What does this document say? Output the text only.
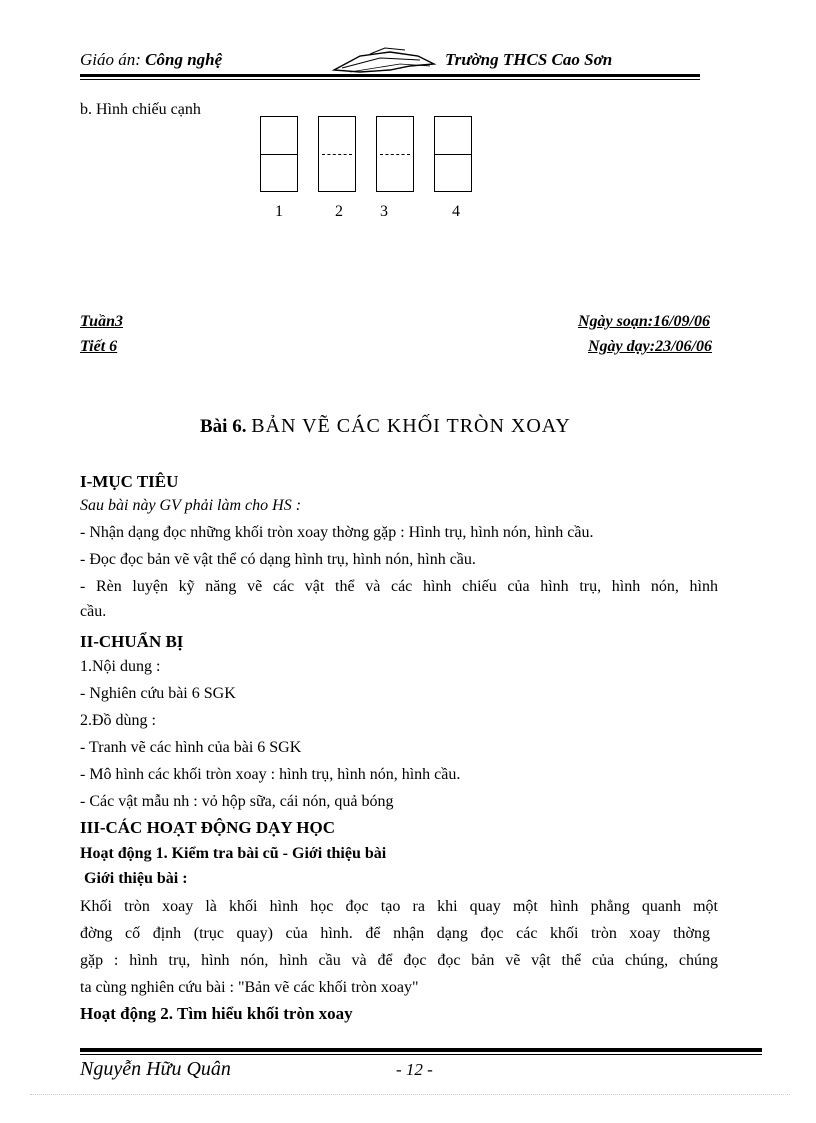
Giáo án: Công nghệ	Trường THCS Cao Sơn
b. Hình chiếu cạnh
1	2 3	4
Tuần3
Tiết 6
Ngày soạn:16/09/06
Ngày dạy:23/06/06
Bài 6. BẢN VẼ CÁC KHỐI TRÒN XOAY
I-MỤC TIÊU
Sau bài này GV phải làm cho HS :
- Nhận dạng đọc những khối tròn xoay thờng gặp : Hình trụ, hình nón, hình cầu.
- Đọc đọc bản vẽ vật thể có dạng hình trụ, hình nón, hình cầu.
- Rèn luyện kỹ năng vẽ các vật thể và các hình chiếu của hình trụ, hình nón, hình
cầu.
II-CHUẨN BỊ
1.Nội dung :
- Nghiên cứu bài 6 SGK
2.Đồ dùng :
- Tranh vẽ các hình của bài 6 SGK
- Mô hình các khối tròn xoay : hình trụ, hình nón, hình cầu.
- Các vật mẫu nh : vỏ hộp sữa, cái nón, quả bóng
III-CÁC HOẠT ĐỘNG DẠY HỌC
Hoạt động 1. Kiểm tra bài cũ - Giới thiệu bài
Giới thiệu bài :
Khối tròn xoay là khối hình học đọc tạo ra khi quay một hình phẳng quanh một
đờng cố định (trục quay) của hình. để nhận dạng đọc các khối tròn xoay thờng
gặp : hình trụ, hình nón, hình cầu và để đọc đọc bản vẽ vật thể của chúng, chúng
ta cùng nghiên cứu bài : "Bản vẽ các khối tròn xoay"
Hoạt động 2. Tìm hiểu khối tròn xoay
Nguyễn Hữu Quân	- 12 -
